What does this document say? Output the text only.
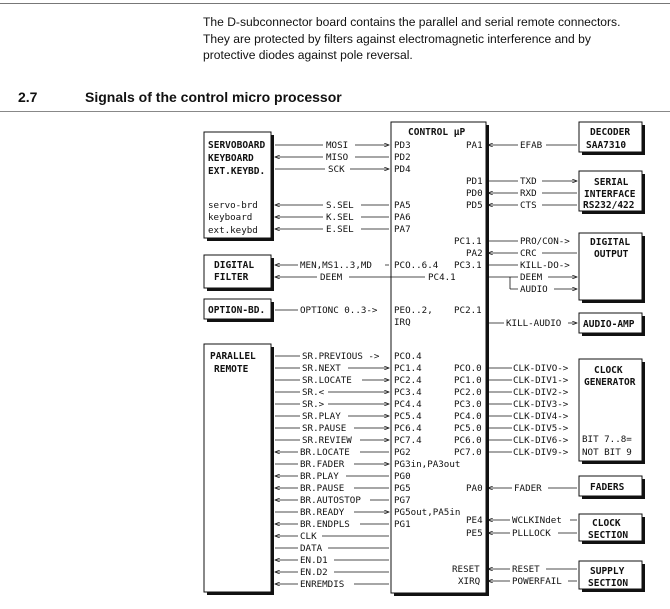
The D-subconnector board contains the parallel and serial remote connectors.

They are protected by filters against electromagnetic interference and by

protective diodes against pole reversal.

2.7	Signals of the control micro processor
CONTROL μP
SERVOBOARD
KEYBOARD
EXT.KEYBD.
servo-brd
keyboard
ext.keybd
DIGITAL
FILTER
OPTION-BD.
PARALLEL
REMOTE
DECODER
SAA7310
SERIAL
INTERFACE
RS232/422
DIGITAL
OUTPUT
AUDIO-AMP
CLOCK
GENERATOR
BIT 7..8=
NOT BIT 9
FADERS
CLOCK
SECTION
SUPPLY
SECTION
PD3
PD2
PD4
PA5
PA6
PA7
PCO..6.4
PEO..2,
IRQ
PCO.4
PC1.4
PC2.4
PC3.4
PC4.4
PC5.4
PC6.4
PC7.4
PG2
PG3in,PA3out
PG0
PG5
PG7
PG5out,PA5in
PG1
PA1
PD1
PD0
PD5
PC1.1
PA2
PC3.1
PC4.1
PC2.1
PCO.0
PC1.0
PC2.0
PC3.0
PC4.0
PC5.0
PC6.0
PC7.0
PA0
PE4
PE5
RESET
XIRQ
MOSI
MISO
SCK
S.SEL
K.SEL
E.SEL
MEN,MS1..3,MD
DEEM
OPTIONC 0..3->
SR.PREVIOUS ->
SR.NEXT
SR.LOCATE
SR.<
SR.>
SR.PLAY
SR.PAUSE
SR.REVIEW
BR.LOCATE
BR.FADER
BR.PLAY
BR.PAUSE
BR.AUTOSTOP
BR.READY
BR.ENDPLS
CLK
DATA
EN.D1
EN.D2
ENREMDIS
EFAB
TXD
RXD
CTS
PRO/CON->
CRC
KILL-DO->
DEEM
AUDIO
KILL-AUDIO
CLK-DIVO->
CLK-DIV1->
CLK-DIV2->
CLK-DIV3->
CLK-DIV4->
CLK-DIV5->
CLK-DIV6->
CLK-DIV9->
FADER
WCLKINdet
PLLLOCK
RESET
POWERFAIL
